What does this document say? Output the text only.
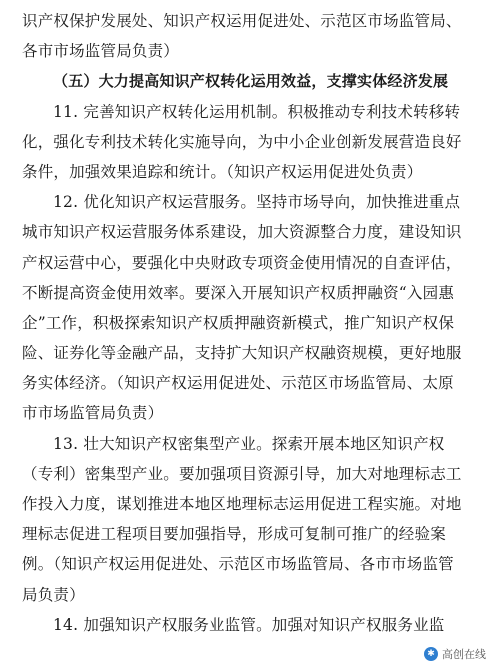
识产权保护发展处、知识产权运用促进处、示范区市场监管局、
各市市场监管局负责）
（五）大力提高知识产权转化运用效益，支撑实体经济发展
11. 完善知识产权转化运用机制。积极推动专利技术转移转
化，强化专利技术转化实施导向，为中小企业创新发展营造良好
条件，加强效果追踪和统计。（知识产权运用促进处负责）
12. 优化知识产权运营服务。坚持市场导向，加快推进重点
城市知识产权运营服务体系建设，加大资源整合力度，建设知识
产权运营中心，要强化中央财政专项资金使用情况的自查评估，
不断提高资金使用效率。要深入开展知识产权质押融资“入园惠
企”工作，积极探索知识产权质押融资新模式，推广知识产权保
险、证券化等金融产品，支持扩大知识产权融资规模，更好地服
务实体经济。（知识产权运用促进处、示范区市场监管局、太原
市市场监管局负责）
13. 壮大知识产权密集型产业。探索开展本地区知识产权
（专利）密集型产业。要加强项目资源引导，加大对地理标志工
作投入力度，谋划推进本地区地理标志运用促进工程实施。对地
理标志促进工程项目要加强指导，形成可复制可推广的经验案
例。（知识产权运用促进处、示范区市场监管局、各市市场监管
局负责）
14. 加强知识产权服务业监管。加强对知识产权服务业监
✱ 高创在线
